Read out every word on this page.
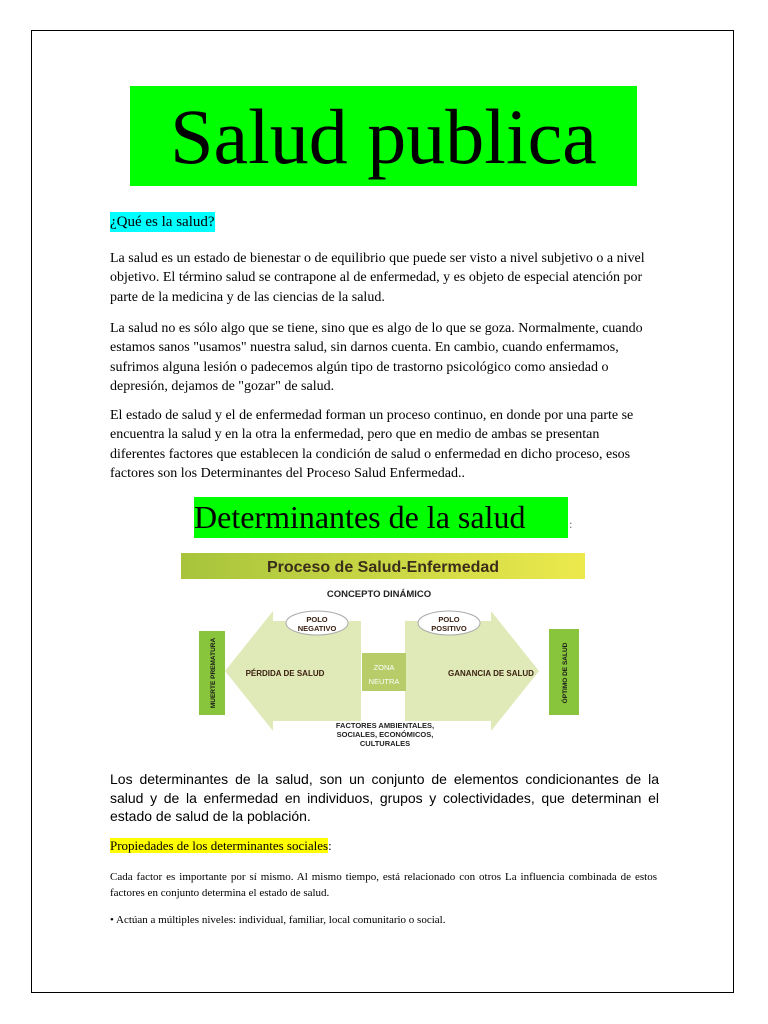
Salud publica
¿Qué es la salud?

La salud es un estado de bienestar o de equilibrio que puede ser visto a nivel subjetivo o a nivel objetivo. El término salud se contrapone al de enfermedad, y es objeto de especial atención por parte de la medicina y de las ciencias de la salud.

La salud no es sólo algo que se tiene, sino que es algo de lo que se goza. Normalmente, cuando estamos sanos "usamos" nuestra salud, sin darnos cuenta. En cambio, cuando enfermamos, sufrimos alguna lesión o padecemos algún tipo de trastorno psicológico como ansiedad o depresión, dejamos de "gozar" de salud.

El estado de salud y el de enfermedad forman un proceso continuo, en donde por una parte se encuentra la salud y en la otra la enfermedad, pero que en medio de ambas se presentan diferentes factores que establecen la condición de salud o enfermedad en dicho proceso, esos factores son los Determinantes del Proceso Salud Enfermedad..

Determinantes de la salud	:
Proceso de Salud-Enfermedad
CONCEPTO DINÁMICO
MUERTE PREMATURA	ÓPTIMO DE SALUD
POLO
NEGATIVO
POLO
POSITIVO
PÉRDIDA DE SALUD
ZONA
NEUTRA
GANANCIA DE SALUD
FACTORES AMBIENTALES,
SOCIALES, ECONÓMICOS,
CULTURALES

Los determinantes de la salud, son un conjunto de elementos condicionantes de la salud y de la enfermedad en individuos, grupos y colectividades, que determinan el estado de salud de la población.

Propiedades de los determinantes sociales:

Cada factor es importante por sí mismo. Al mismo tiempo, está relacionado con otros La influencia combinada de estos factores en conjunto determina el estado de salud.

• Actúan a múltiples niveles: individual, familiar, local comunitario o social.
